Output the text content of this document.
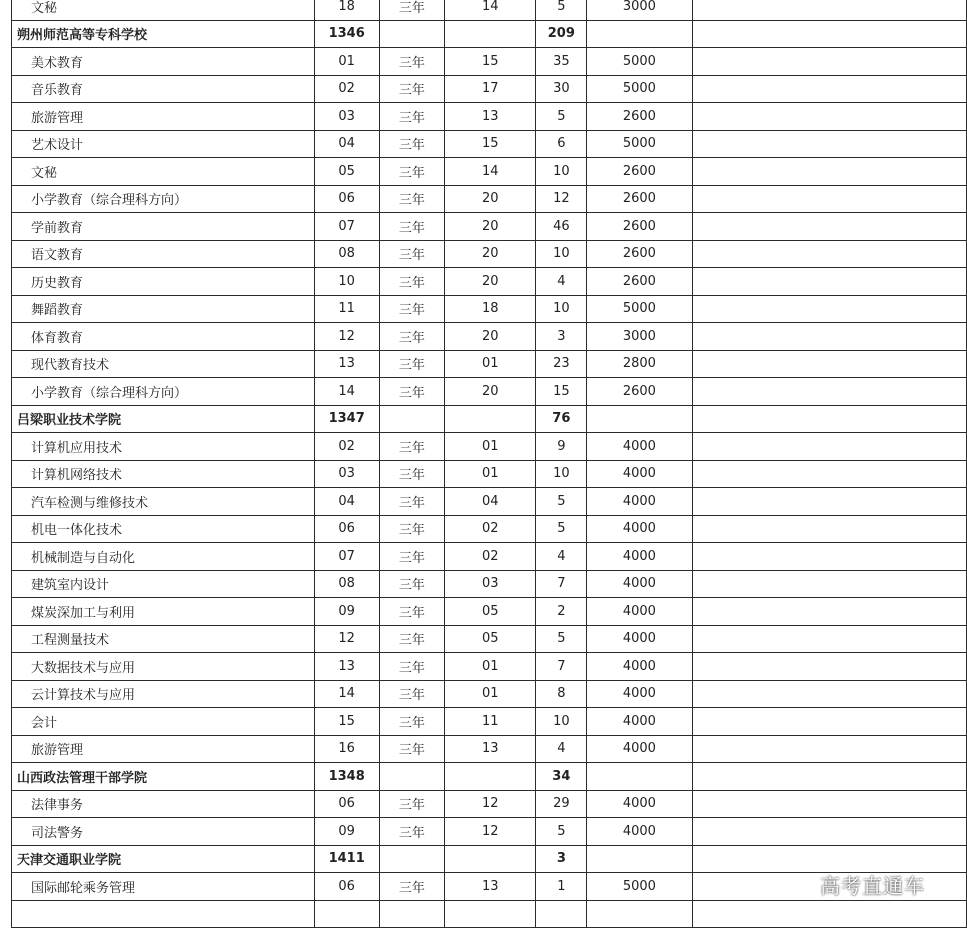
文秘	18	三年	14	5	3000	
朔州师范高等专科学校	1346			209		
美术教育	01	三年	15	35	5000	
音乐教育	02	三年	17	30	5000	
旅游管理	03	三年	13	5	2600	
艺术设计	04	三年	15	6	5000	
文秘	05	三年	14	10	2600	
小学教育（综合理科方向）	06	三年	20	12	2600	
学前教育	07	三年	20	46	2600	
语文教育	08	三年	20	10	2600	
历史教育	10	三年	20	4	2600	
舞蹈教育	11	三年	18	10	5000	
体育教育	12	三年	20	3	3000	
现代教育技术	13	三年	01	23	2800	
小学教育（综合理科方向）	14	三年	20	15	2600	
吕梁职业技术学院	1347			76		
计算机应用技术	02	三年	01	9	4000	
计算机网络技术	03	三年	01	10	4000	
汽车检测与维修技术	04	三年	04	5	4000	
机电一体化技术	06	三年	02	5	4000	
机械制造与自动化	07	三年	02	4	4000	
建筑室内设计	08	三年	03	7	4000	
煤炭深加工与利用	09	三年	05	2	4000	
工程测量技术	12	三年	05	5	4000	
大数据技术与应用	13	三年	01	7	4000	
云计算技术与应用	14	三年	01	8	4000	
会计	15	三年	11	10	4000	
旅游管理	16	三年	13	4	4000	
山西政法管理干部学院	1348			34		
法律事务	06	三年	12	29	4000	
司法警务	09	三年	12	5	4000	
天津交通职业学院	1411			3		
国际邮轮乘务管理	06	三年	13	1	5000	
							高考直通车
